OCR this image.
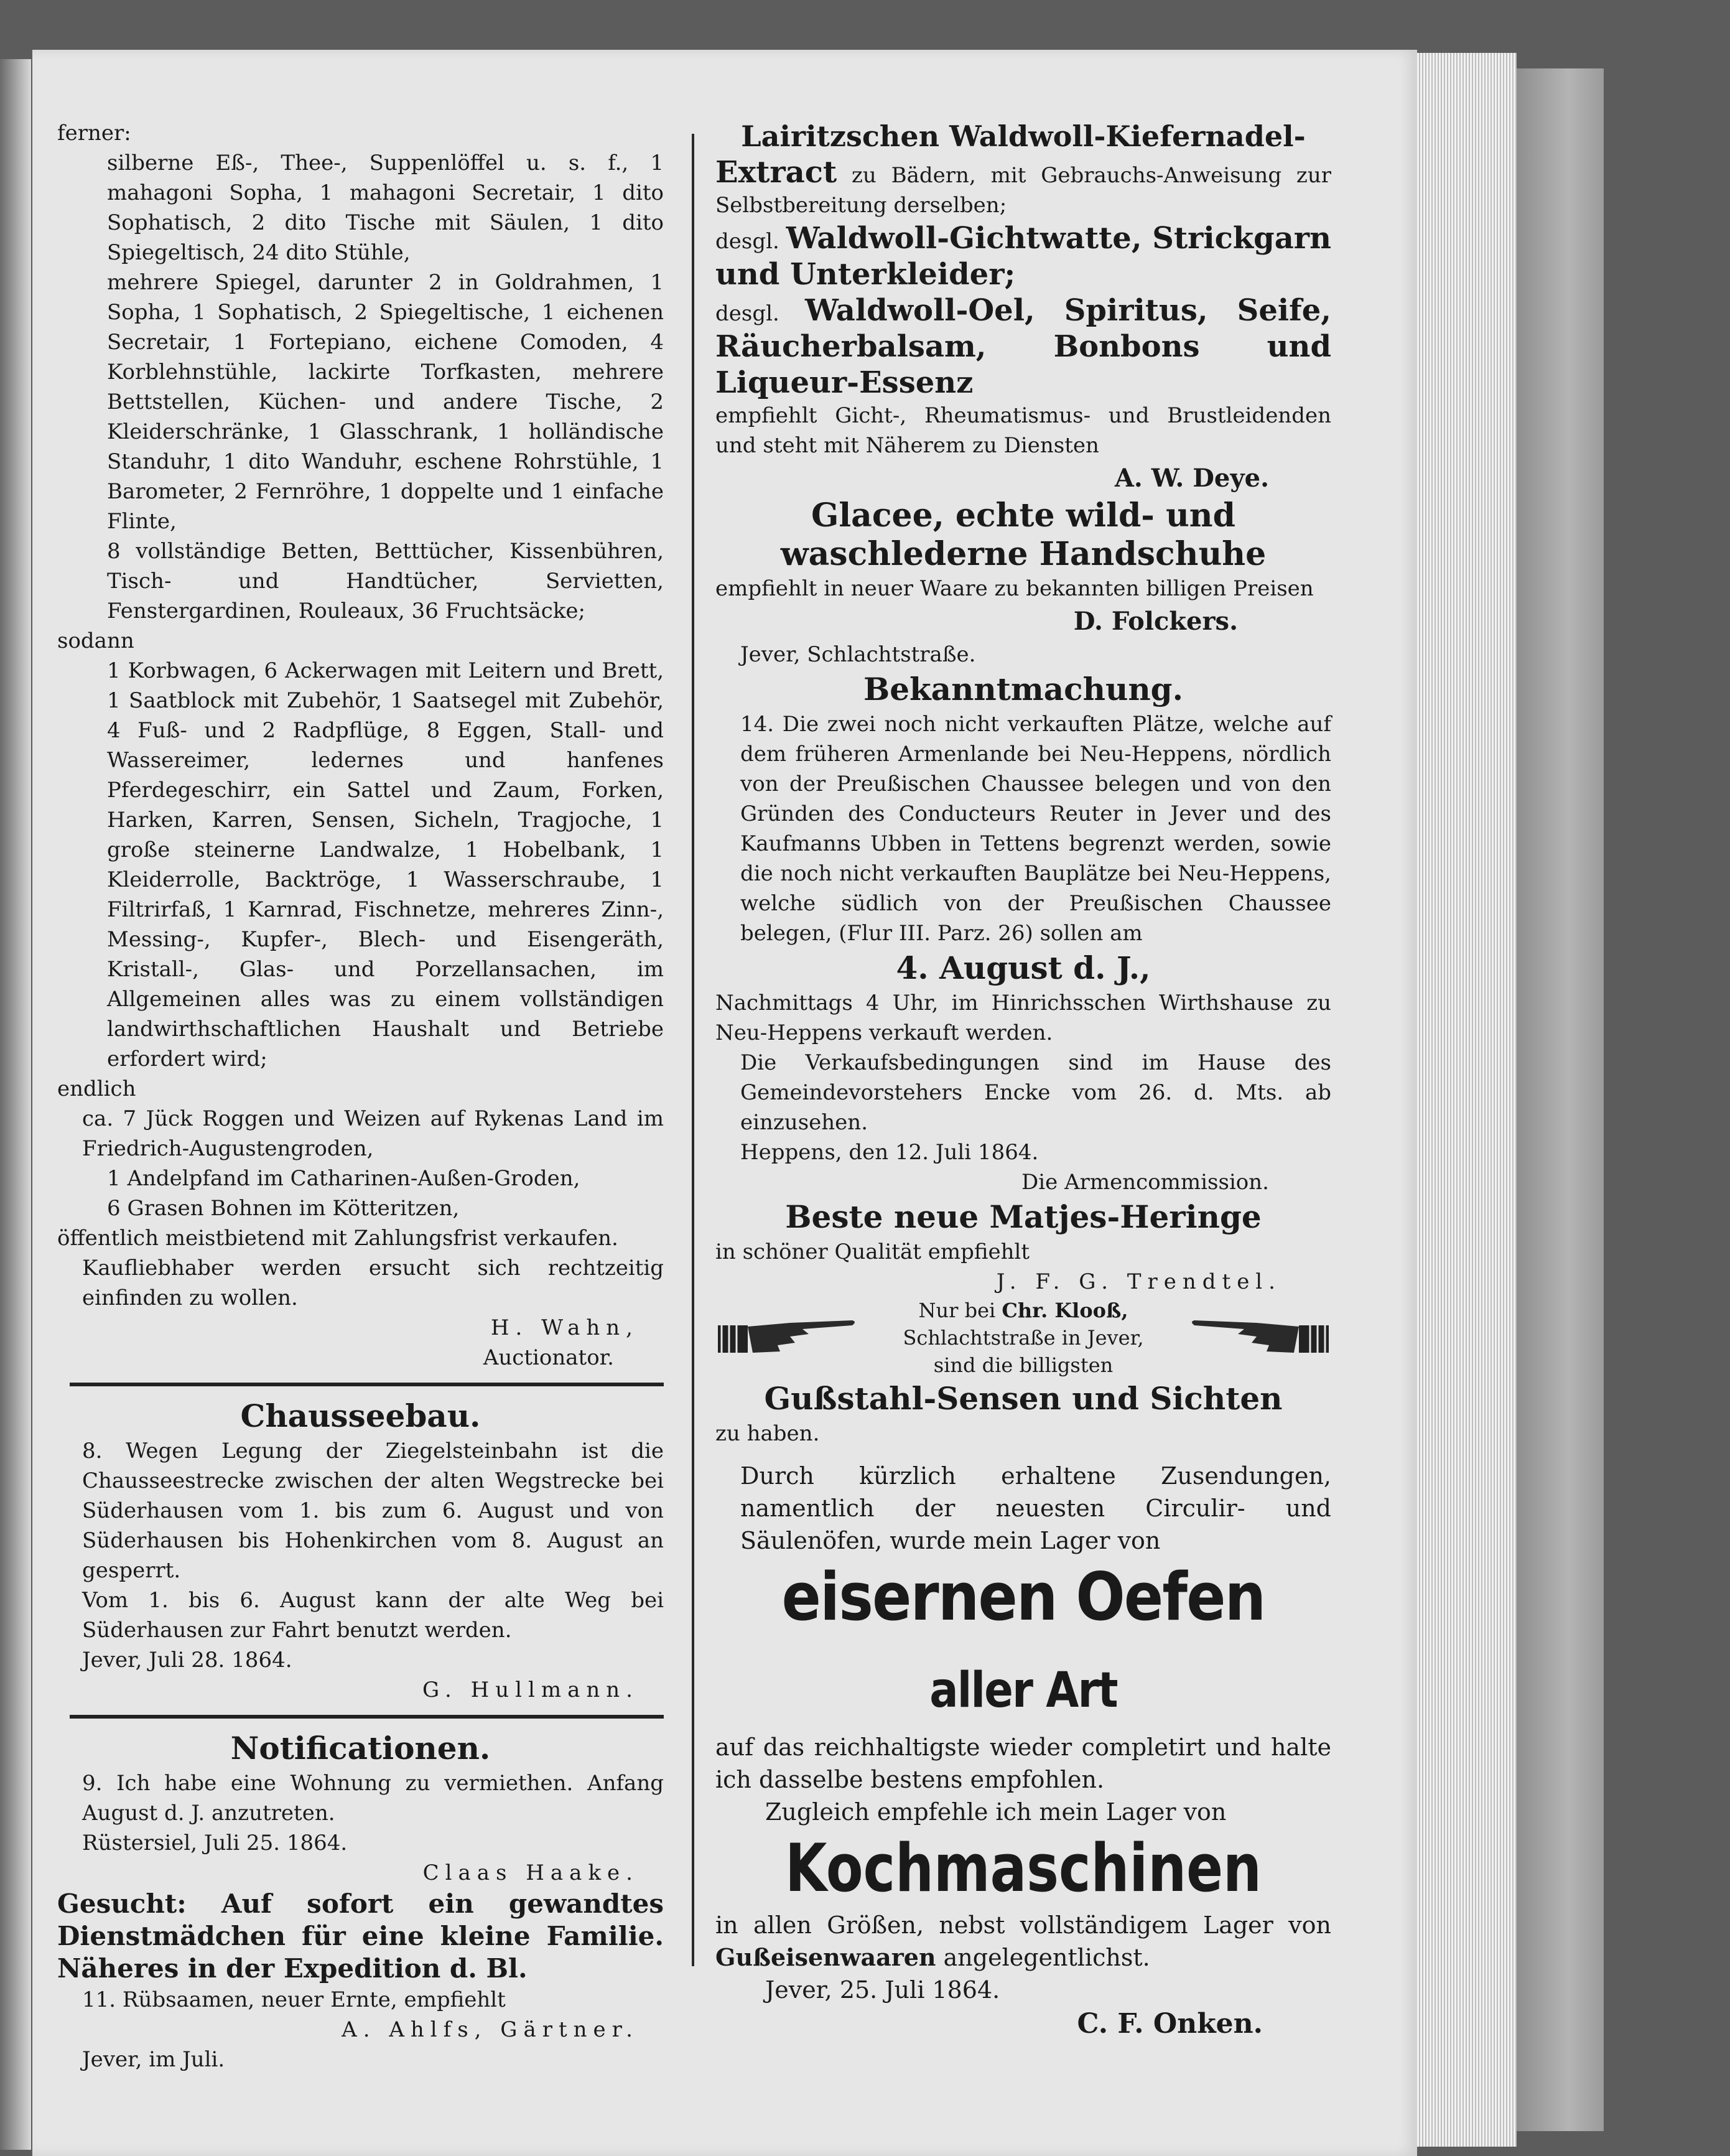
ferner:

silberne Eß-, Thee-, Suppenlöffel u. s. f., 1 mahagoni Sopha, 1 mahagoni Secretair, 1 dito Sophatisch, 2 dito Tische mit Säulen, 1 dito Spiegeltisch, 24 dito Stühle,

mehrere Spiegel, darunter 2 in Goldrahmen, 1 Sopha, 1 Sophatisch, 2 Spiegeltische, 1 eichenen Secretair, 1 Fortepiano, eichene Comoden, 4 Korblehnstühle, lackirte Torfkasten, mehrere Bettstellen, Küchen- und andere Tische, 2 Kleiderschränke, 1 Glasschrank, 1 holländische Standuhr, 1 dito Wanduhr, eschene Rohrstühle, 1 Barometer, 2 Fernröhre, 1 doppelte und 1 einfache Flinte,

8 vollständige Betten, Betttücher, Kissenbühren, Tisch- und Handtücher, Servietten, Fenstergardinen, Rouleaux, 36 Fruchtsäcke;

sodann

1 Korbwagen, 6 Ackerwagen mit Leitern und Brett, 1 Saatblock mit Zubehör, 1 Saatsegel mit Zubehör, 4 Fuß- und 2 Radpflüge, 8 Eggen, Stall- und Wassereimer, ledernes und hanfenes Pferdegeschirr, ein Sattel und Zaum, Forken, Harken, Karren, Sensen, Sicheln, Tragjoche, 1 große steinerne Landwalze, 1 Hobelbank, 1 Kleiderrolle, Backtröge, 1 Wasserschraube, 1 Filtrirfaß, 1 Karnrad, Fischnetze, mehreres Zinn-, Messing-, Kupfer-, Blech- und Eisengeräth, Kristall-, Glas- und Porzellansachen, im Allgemeinen alles was zu einem vollständigen landwirthschaftlichen Haushalt und Betriebe erfordert wird;

endlich

ca. 7 Jück Roggen und Weizen auf Rykenas Land im Friedrich-Augustengroden,

1 Andelpfand im Catharinen-Außen-Groden,

6 Grasen Bohnen im Kötteritzen,

öffentlich meistbietend mit Zahlungsfrist verkaufen.

Kaufliebhaber werden ersucht sich rechtzeitig einfinden zu wollen.

H. Wahn,

Auctionator.

Chausseebau.

8. Wegen Legung der Ziegelsteinbahn ist die Chausseestrecke zwischen der alten Wegstrecke bei Süderhausen vom 1. bis zum 6. August und von Süderhausen bis Hohenkirchen vom 8. August an gesperrt.

Vom 1. bis 6. August kann der alte Weg bei Süderhausen zur Fahrt benutzt werden.

Jever, Juli 28. 1864.

G. Hullmann.

Notificationen.

9. Ich habe eine Wohnung zu vermiethen. Anfang August d. J. anzutreten.

Rüstersiel, Juli 25. 1864.

Claas Haake.

Gesucht: Auf sofort ein gewandtes Dienstmädchen für eine kleine Familie. Näheres in der Expedition d. Bl.

11. Rübsaamen, neuer Ernte, empfiehlt

A. Ahlfs, Gärtner.

Jever, im Juli.

Lairitzschen Waldwoll-Kiefernadel-

Extract zu Bädern, mit Gebrauchs-Anweisung zur Selbstbereitung derselben;

desgl. Waldwoll-Gichtwatte, Strickgarn und Unterkleider;

desgl. Waldwoll-Oel, Spiritus, Seife, Räucherbalsam, Bonbons und Liqueur-Essenz

empfiehlt Gicht-, Rheumatismus- und Brustleidenden und steht mit Näherem zu Diensten

A. W. Deye.

Glacee, echte wild- und waschlederne Handschuhe

empfiehlt in neuer Waare zu bekannten billigen Preisen

D. Folckers.

Jever, Schlachtstraße.

Bekanntmachung.

14. Die zwei noch nicht verkauften Plätze, welche auf dem früheren Armenlande bei Neu-Heppens, nördlich von der Preußischen Chaussee belegen und von den Gründen des Conducteurs Reuter in Jever und des Kaufmanns Ubben in Tettens begrenzt werden, sowie die noch nicht verkauften Bauplätze bei Neu-Heppens, welche südlich von der Preußischen Chaussee belegen, (Flur III. Parz. 26) sollen am

4. August d. J.,

Nachmittags 4 Uhr, im Hinrichsschen Wirthshause zu Neu-Heppens verkauft werden.

Die Verkaufsbedingungen sind im Hause des Gemeindevorstehers Encke vom 26. d. Mts. ab einzusehen.

Heppens, den 12. Juli 1864.

Die Armencommission.

Beste neue Matjes-Heringe

in schöner Qualität empfiehlt

J. F. G. Trendtel.

Nur bei Chr. Klooß,
Schlachtstraße in Jever,
sind die billigsten

Gußstahl-Sensen und Sichten

zu haben.

Durch kürzlich erhaltene Zusendungen, namentlich der neuesten Circulir- und Säulenöfen, wurde mein Lager von

eisernen Oefen aller Art

auf das reichhaltigste wieder completirt und halte ich dasselbe bestens empfohlen.

Zugleich empfehle ich mein Lager von

Kochmaschinen

in allen Größen, nebst vollständigem Lager von Gußeisenwaaren angelegentlichst.

Jever, 25. Juli 1864.

C. F. Onken.
